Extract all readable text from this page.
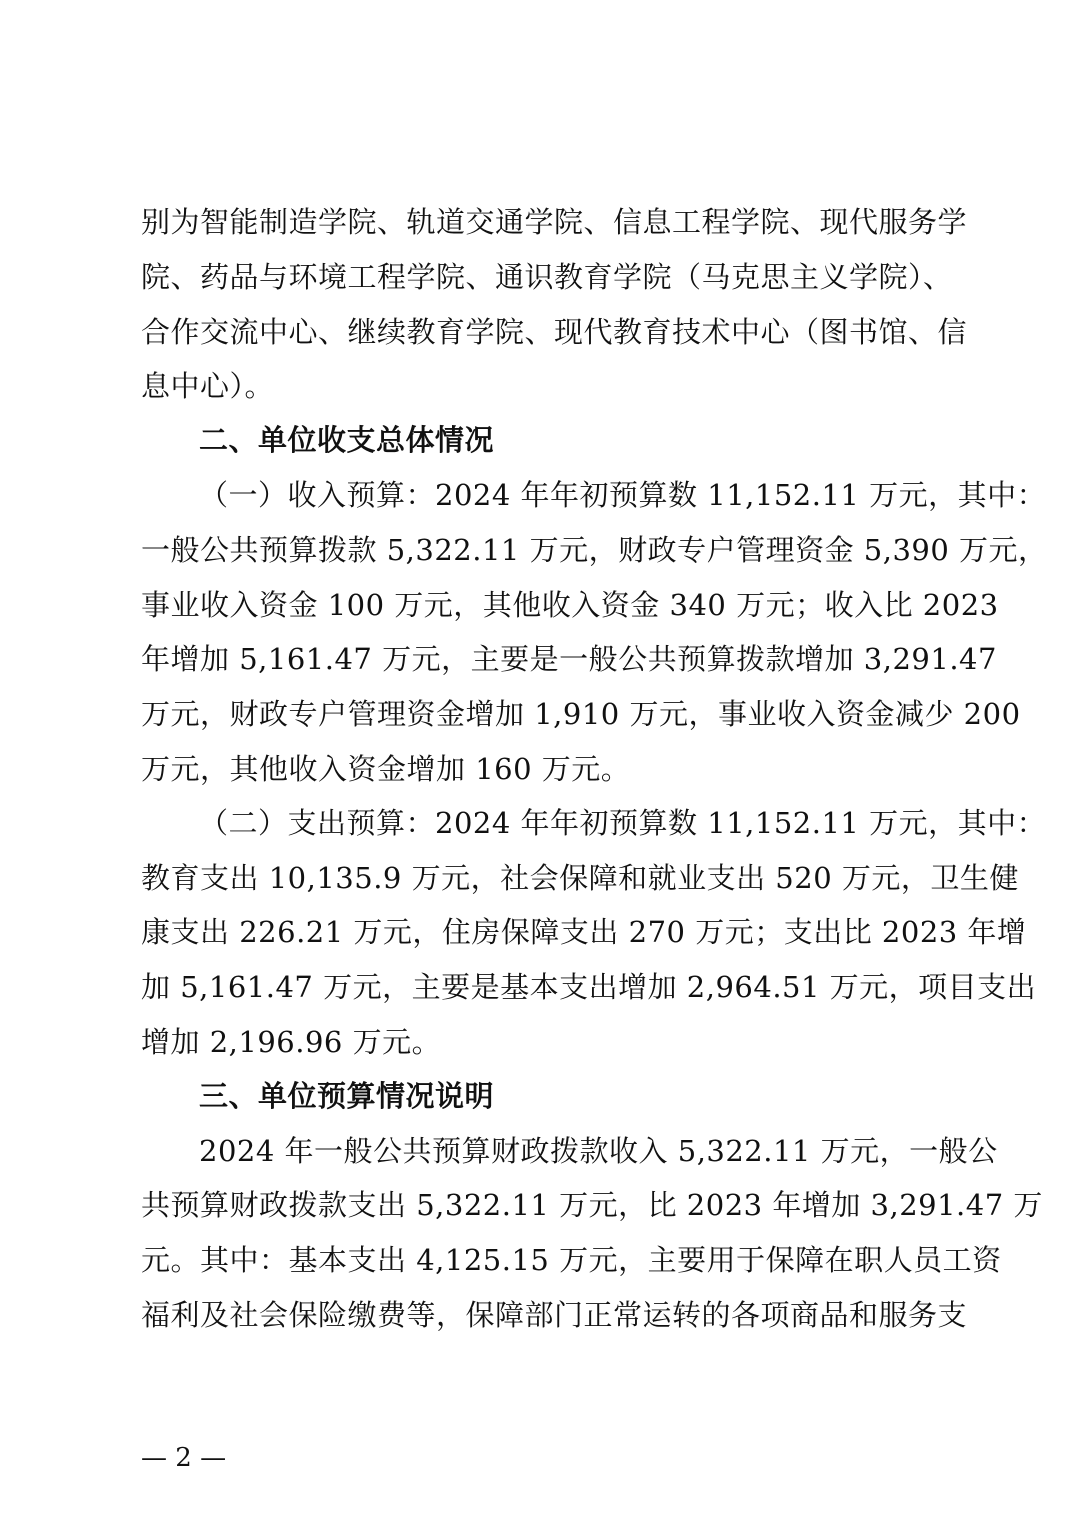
别为智能制造学院、轨道交通学院、信息工程学院、现代服务学
院、药品与环境工程学院、通识教育学院（马克思主义学院）、
合作交流中心、继续教育学院、现代教育技术中心（图书馆、信
息中心）。
二、单位收支总体情况
（一）收入预算：2024 年年初预算数 11,152.11 万元，其中：
一般公共预算拨款 5,322.11 万元，财政专户管理资金 5,390 万元，
事业收入资金 100 万元，其他收入资金 340 万元；收入比 2023
年增加 5,161.47 万元，主要是一般公共预算拨款增加 3,291.47
万元，财政专户管理资金增加 1,910 万元，事业收入资金减少 200
万元，其他收入资金增加 160 万元。
（二）支出预算：2024 年年初预算数 11,152.11 万元，其中：
教育支出 10,135.9 万元，社会保障和就业支出 520 万元，卫生健
康支出 226.21 万元，住房保障支出 270 万元；支出比 2023 年增
加 5,161.47 万元，主要是基本支出增加 2,964.51 万元，项目支出
增加 2,196.96 万元。
三、单位预算情况说明
2024 年一般公共预算财政拨款收入 5,322.11 万元，一般公
共预算财政拨款支出 5,322.11 万元，比 2023 年增加 3,291.47 万
元。其中：基本支出 4,125.15 万元，主要用于保障在职人员工资
福利及社会保险缴费等，保障部门正常运转的各项商品和服务支
— 2 —
